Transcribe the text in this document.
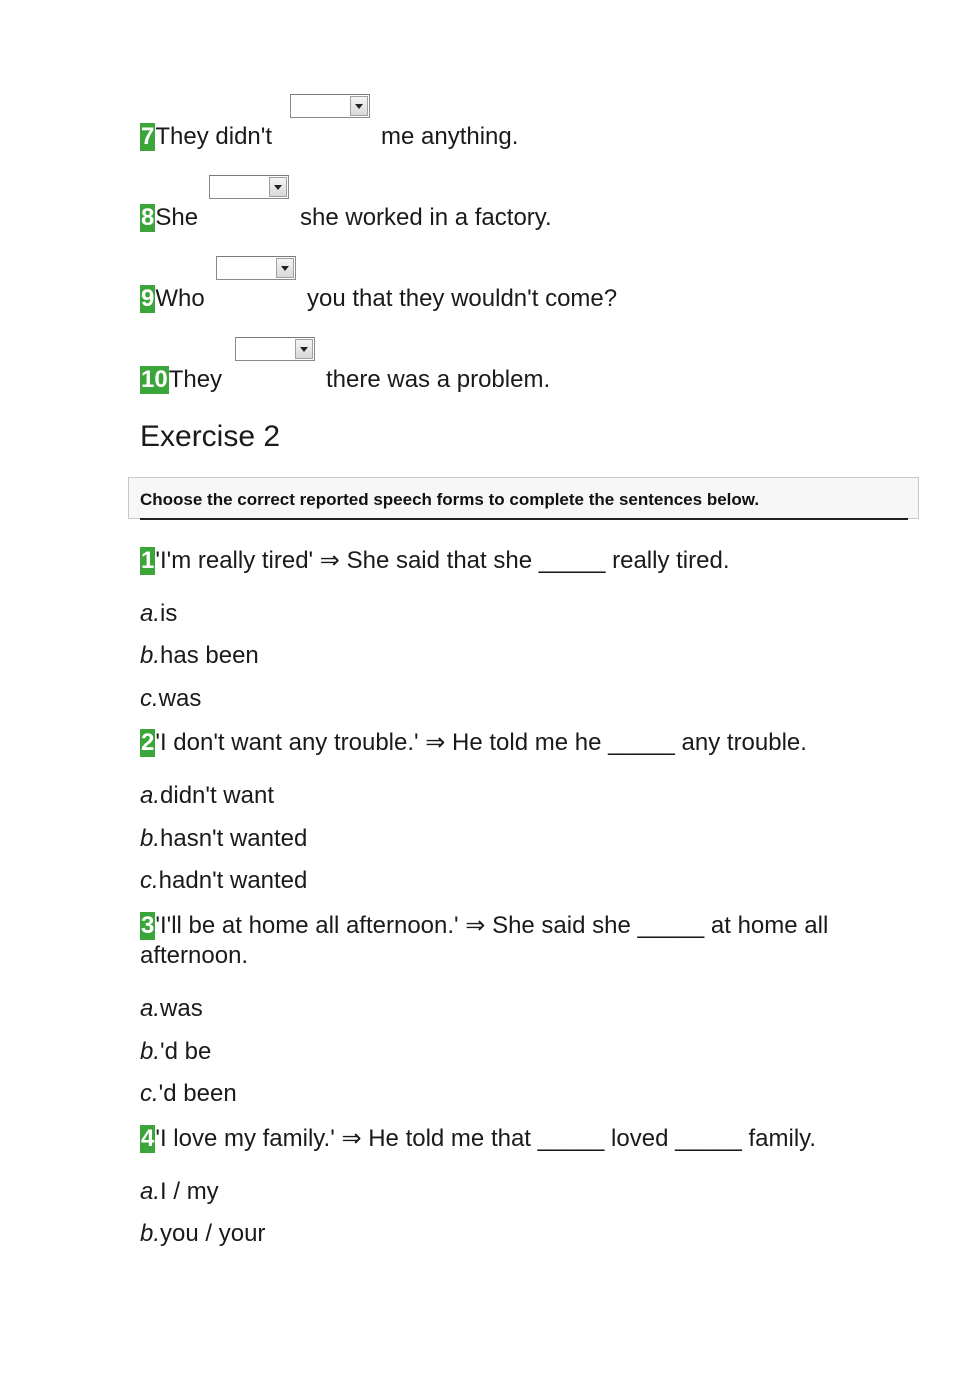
7They didn't	me anything.
8She	she worked in a factory.
9Who	you that they wouldn't come?
10They	there was a problem.
Exercise 2
Choose the correct reported speech forms to complete the sentences below.
1'I'm really tired' ⇒ She said that she _____ really tired.
a.is
b.has been
c.was
2'I don't want any trouble.' ⇒ He told me he _____ any trouble.
a.didn't want
b.hasn't wanted
c.hadn't wanted
3'I'll be at home all afternoon.' ⇒ She said she _____ at home all afternoon.
a.was
b.'d be
c.'d been
4'I love my family.' ⇒ He told me that _____ loved _____ family.
a.I / my
b.you / your
